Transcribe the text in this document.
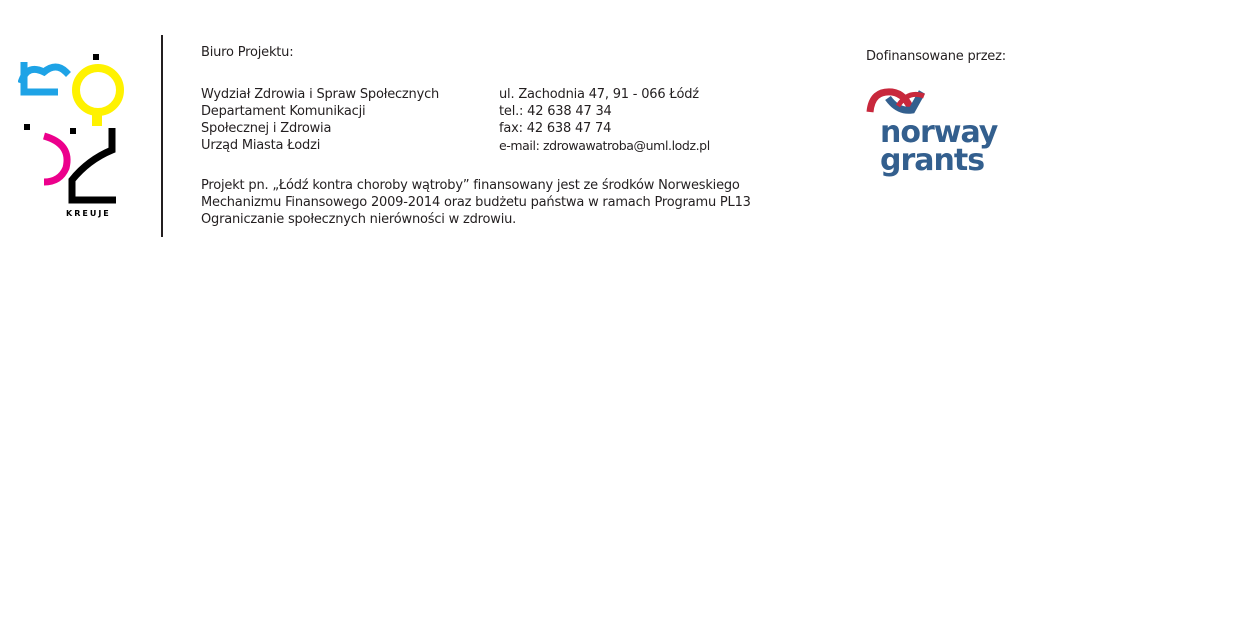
KREUJE
Biuro Projektu:
Wydział Zdrowia i Spraw Społecznych
Departament Komunikacji
Społecznej i Zdrowia
Urząd Miasta Łodzi
ul. Zachodnia 47, 91 - 066 Łódź
tel.: 42 638 47 34
fax: 42 638 47 74
e-mail: zdrowawatroba@uml.lodz.pl
Projekt pn. „Łódź kontra choroby wątroby” finansowany jest ze środków Norweskiego
Mechanizmu Finansowego 2009-2014 oraz budżetu państwa w ramach Programu PL13
Ograniczanie społecznych nierówności w zdrowiu.
Dofinansowane przez:
norway
grants
